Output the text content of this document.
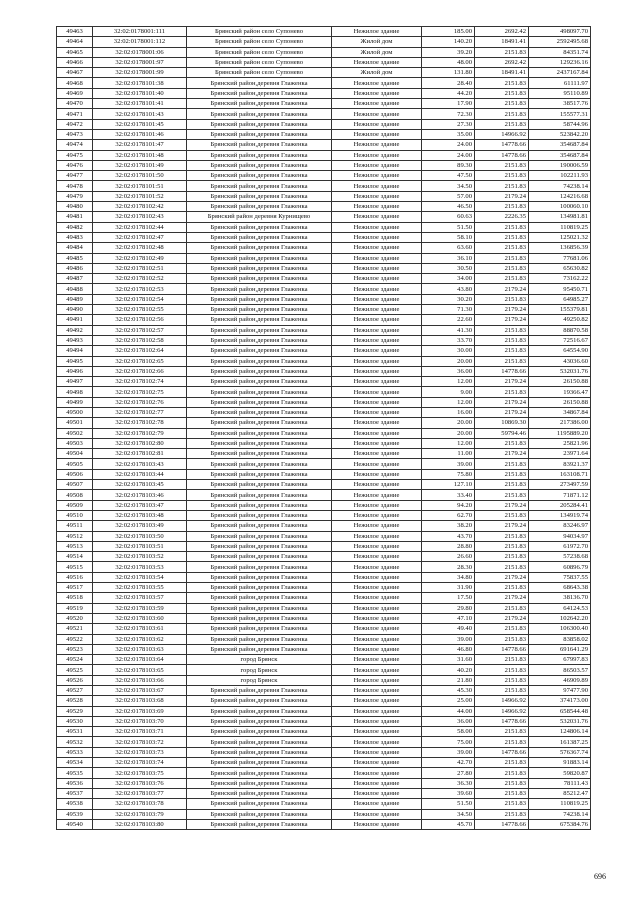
49463	32:02:0178001:111	Брянский район село Супонево	Нежилое здание	185.00	2692.42	498097.70
49464	32:02:0178001:112	Брянский район село Супонево	Жилой дом	140.20	18491.41	2592495.68
49465	32:02:0178001:06	Брянский район село Супонево	Жилой дом	39.20	2151.83	84351.74
49466	32:02:0178001:97	Брянский район село Супонево	Нежилое здание	48.00	2692.42	129236.16
49467	32:02:0178001:99	Брянский район село Супонево	Жилой дом	131.80	18491.41	2437167.84
49468	32:02:0178101:38	Брянский район,деревня Глаженка	Нежилое здание	28.40	2151.83	61111.97
49469	32:02:0178101:40	Брянский район,деревня Глаженка	Нежилое здание	44.20	2151.83	95110.89
49470	32:02:0178101:41	Брянский район,деревня Глаженка	Нежилое здание	17.90	2151.83	38517.76
49471	32:02:0178101:43	Брянский район,деревня Глаженка	Нежилое здание	72.30	2151.83	155577.31
49472	32:02:0178101:45	Брянский район,деревня Глаженка	Нежилое здание	27.30	2151.83	58744.96
49473	32:02:0178101:46	Брянский район,деревня Глаженка	Нежилое здание	35.00	14966.92	523842.20
49474	32:02:0178101:47	Брянский район,деревня Глаженка	Нежилое здание	24.00	14778.66	354687.84
49475	32:02:0178101:48	Брянский район,деревня Глаженка	Нежилое здание	24.00	14778.66	354687.84
49476	32:02:0178101:49	Брянский район,деревня Глаженка	Нежилое здание	89.30	2151.83	190006.59
49477	32:02:0178101:50	Брянский район,деревня Глаженка	Нежилое здание	47.50	2151.83	102211.93
49478	32:02:0178101:51	Брянский район,деревня Глаженка	Нежилое здание	34.50	2151.83	74238.14
49479	32:02:0178101:52	Брянский район,деревня Глаженка	Нежилое здание	57.00	2179.24	124216.68
49480	32:02:0178102:42	Брянский район,деревня Глаженка	Нежилое здание	46.50	2151.83	100060.10
49481	32:02:0178102:43	Брянский район деревня Курнищево	Нежилое здание	60.63	2226.35	134981.81
49482	32:02:0178102:44	Брянский район,деревня Глаженка	Нежилое здание	51.50	2151.83	110819.25
49483	32:02:0178102:47	Брянский район,деревня Глаженка	Нежилое здание	58.10	2151.83	125021.32
49484	32:02:0178102:48	Брянский район,деревня Глаженка	Нежилое здание	63.60	2151.83	136856.39
49485	32:02:0178102:49	Брянский район,деревня Глаженка	Нежилое здание	36.10	2151.83	77681.06
49486	32:02:0178102:51	Брянский район,деревня Глаженка	Нежилое здание	30.50	2151.83	65630.82
49487	32:02:0178102:52	Брянский район,деревня Глаженка	Нежилое здание	34.00	2151.83	73162.22
49488	32:02:0178102:53	Брянский район,деревня Глаженка	Нежилое здание	43.80	2179.24	95450.71
49489	32:02:0178102:54	Брянский район,деревня Глаженка	Нежилое здание	30.20	2151.83	64985.27
49490	32:02:0178102:55	Брянский район,деревня Глаженка	Нежилое здание	71.30	2179.24	155379.81
49491	32:02:0178102:56	Брянский район,деревня Глаженка	Нежилое здание	22.60	2179.24	49250.82
49492	32:02:0178102:57	Брянский район,деревня Глаженка	Нежилое здание	41.30	2151.83	88870.58
49493	32:02:0178102:58	Брянский район,деревня Глаженка	Нежилое здание	33.70	2151.83	72516.67
49494	32:02:0178102:64	Брянский район,деревня Глаженка	Нежилое здание	30.00	2151.83	64554.90
49495	32:02:0178102:65	Брянский район,деревня Глаженка	Нежилое здание	20.00	2151.83	43036.60
49496	32:02:0178102:66	Брянский район,деревня Глаженка	Нежилое здание	36.00	14778.66	532031.76
49497	32:02:0178102:74	Брянский район,деревня Глаженка	Нежилое здание	12.00	2179.24	26150.88
49498	32:02:0178102:75	Брянский район,деревня Глаженка	Нежилое здание	9.00	2151.83	19366.47
49499	32:02:0178102:76	Брянский район,деревня Глаженка	Нежилое здание	12.00	2179.24	26150.88
49500	32:02:0178102:77	Брянский район,деревня Глаженка	Нежилое здание	16.00	2179.24	34867.84
49501	32:02:0178102:78	Брянский район,деревня Глаженка	Нежилое здание	20.00	10869.30	217386.00
49502	32:02:0178102:79	Брянский район,деревня Глаженка	Нежилое здание	20.00	59794.46	1195889.20
49503	32:02:0178102:80	Брянский район,деревня Глаженка	Нежилое здание	12.00	2151.83	25821.96
49504	32:02:0178102:81	Брянский район,деревня Глаженка	Нежилое здание	11.00	2179.24	23971.64
49505	32:02:0178103:43	Брянский район,деревня Глаженка	Нежилое здание	39.00	2151.83	83921.37
49506	32:02:0178103:44	Брянский район,деревня Глаженка	Нежилое здание	75.80	2151.83	163108.71
49507	32:02:0178103:45	Брянский район,деревня Глаженка	Нежилое здание	127.10	2151.83	273497.59
49508	32:02:0178103:46	Брянский район,деревня Глаженка	Нежилое здание	33.40	2151.83	71871.12
49509	32:02:0178103:47	Брянский район,деревня Глаженка	Нежилое здание	94.20	2179.24	205284.41
49510	32:02:0178103:48	Брянский район,деревня Глаженка	Нежилое здание	62.70	2151.83	134919.74
49511	32:02:0178103:49	Брянский район,деревня Глаженка	Нежилое здание	38.20	2179.24	83246.97
49512	32:02:0178103:50	Брянский район,деревня Глаженка	Нежилое здание	43.70	2151.83	94034.97
49513	32:02:0178103:51	Брянский район,деревня Глаженка	Нежилое здание	28.80	2151.83	61972.70
49514	32:02:0178103:52	Брянский район,деревня Глаженка	Нежилое здание	26.60	2151.83	57238.68
49515	32:02:0178103:53	Брянский район,деревня Глаженка	Нежилое здание	28.30	2151.83	60896.79
49516	32:02:0178103:54	Брянский район,деревня Глаженка	Нежилое здание	34.80	2179.24	75837.55
49517	32:02:0178103:55	Брянский район,деревня Глаженка	Нежилое здание	31.90	2151.83	68643.38
49518	32:02:0178103:57	Брянский район,деревня Глаженка	Нежилое здание	17.50	2179.24	38136.70
49519	32:02:0178103:59	Брянский район,деревня Глаженка	Нежилое здание	29.80	2151.83	64124.53
49520	32:02:0178103:60	Брянский район,деревня Глаженка	Нежилое здание	47.10	2179.24	102642.20
49521	32:02:0178103:61	Брянский район,деревня Глаженка	Нежилое здание	49.40	2151.83	106300.40
49522	32:02:0178103:62	Брянский район,деревня Глаженка	Нежилое здание	39.00	2151.83	83858.02
49523	32:02:0178103:63	Брянский район,деревня Глаженка	Нежилое здание	46.80	14778.66	691641.29
49524	32:02:0178103:64	город Брянск	Нежилое здание	31.60	2151.83	67997.83
49525	32:02:0178103:65	город Брянск	Нежилое здание	40.20	2151.83	86503.57
49526	32:02:0178103:66	город Брянск	Нежилое здание	21.80	2151.83	46909.89
49527	32:02:0178103:67	Брянский район,деревня Глаженка	Нежилое здание	45.30	2151.83	97477.90
49528	32:02:0178103:68	Брянский район,деревня Глаженка	Нежилое здание	25.00	14966.92	374173.00
49529	32:02:0178103:69	Брянский район,деревня Глаженка	Нежилое здание	44.00	14966.92	658544.48
49530	32:02:0178103:70	Брянский район,деревня Глаженка	Нежилое здание	36.00	14778.66	532031.76
49531	32:02:0178103:71	Брянский район,деревня Глаженка	Нежилое здание	58.00	2151.83	124806.14
49532	32:02:0178103:72	Брянский район,деревня Глаженка	Нежилое здание	75.00	2151.83	161387.25
49533	32:02:0178103:73	Брянский район,деревня Глаженка	Нежилое здание	39.00	14778.66	576367.74
49534	32:02:0178103:74	Брянский район,деревня Глаженка	Нежилое здание	42.70	2151.83	91883.14
49535	32:02:0178103:75	Брянский район,деревня Глаженка	Нежилое здание	27.80	2151.83	59820.87
49536	32:02:0178103:76	Брянский район,деревня Глаженка	Нежилое здание	36.30	2151.83	78111.43
49537	32:02:0178103:77	Брянский район,деревня Глаженка	Нежилое здание	39.60	2151.83	85212.47
49538	32:02:0178103:78	Брянский район,деревня Глаженка	Нежилое здание	51.50	2151.83	110819.25
49539	32:02:0178103:79	Брянский район,деревня Глаженка	Нежилое здание	34.50	2151.83	74238.14
49540	32:02:0178103:80	Брянский район,деревня Глаженка	Нежилое здание	45.70	14778.66	675384.76
696
